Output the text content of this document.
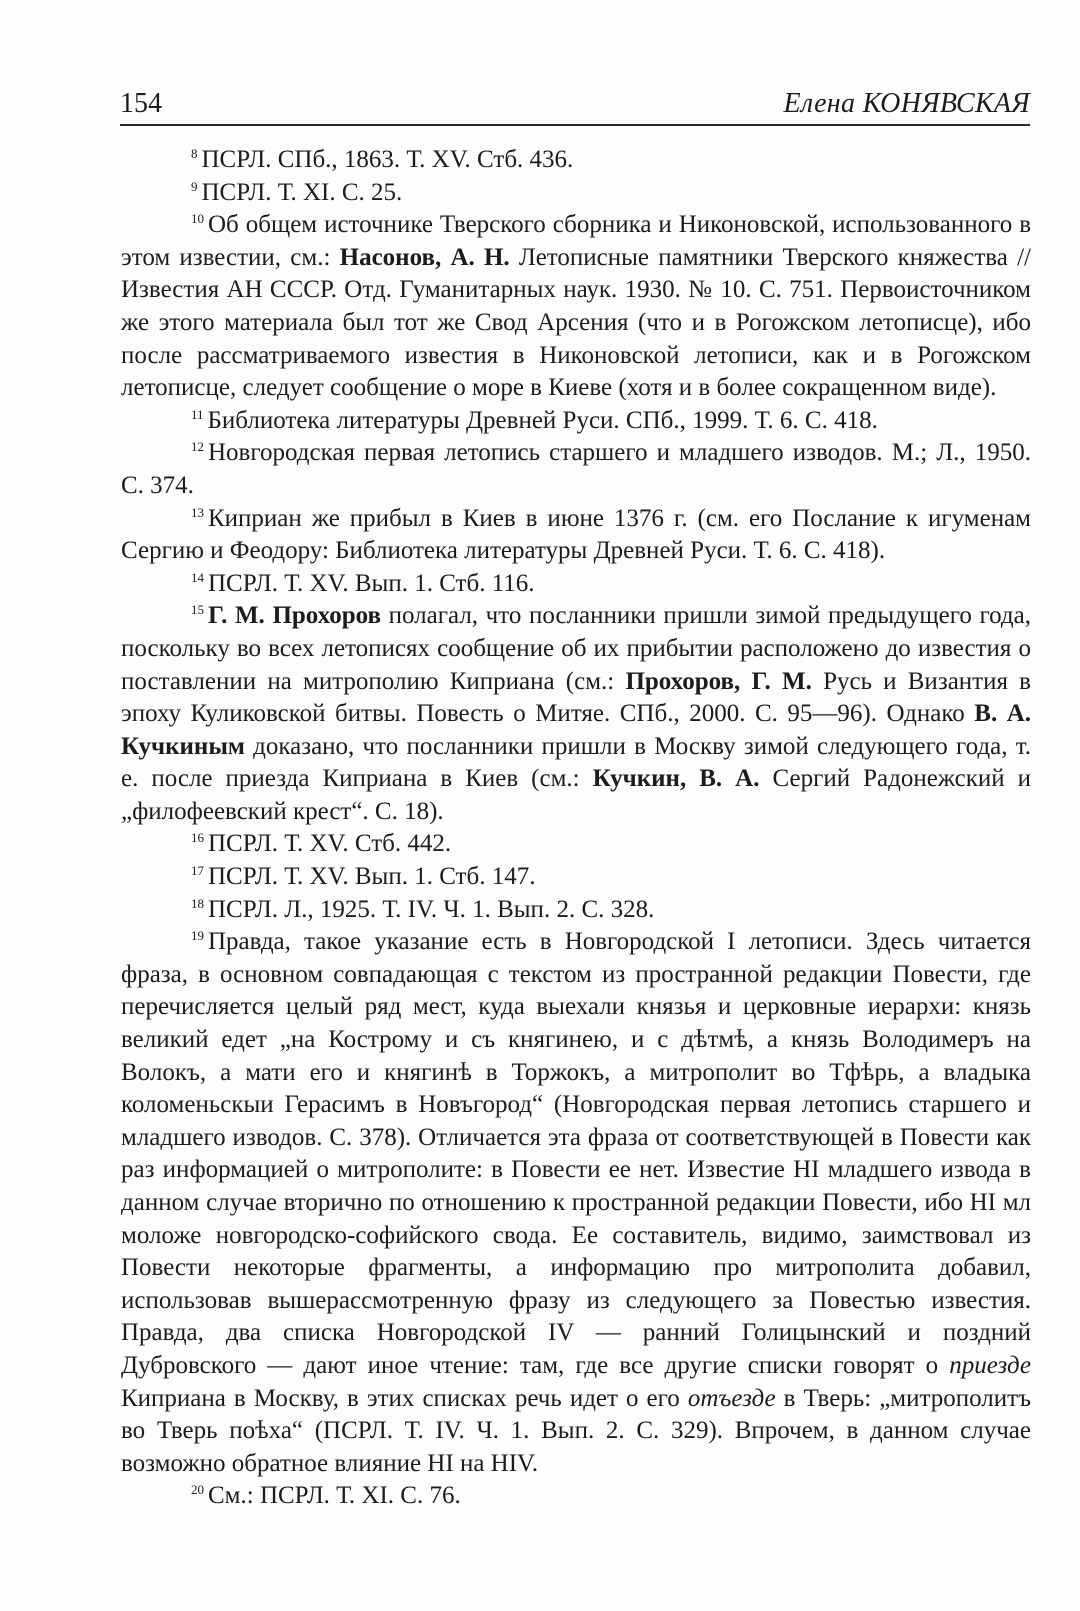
154	Елена КОНЯВСКАЯ

$^8$ ПСРЛ. СПб., 1863. Т. XV. Стб. 436.

$^9$ ПСРЛ. Т. XI. С. 25.

$^{10}$ Об общем источнике Тверского сборника и Никоновской, использованного в этом известии, см.: Насонов, А. Н. Летописные памятники Тверского княжества // Известия АН СССР. Отд. Гуманитарных наук. 1930. № 10. С. 751. Первоисточником же этого материала был тот же Свод Арсения (что и в Рогожском летописце), ибо после рассматриваемого известия в Никоновской летописи, как и в Рогожском летописце, следует сообщение о море в Киеве (хотя и в более сокращенном виде).

$^{11}$ Библиотека литературы Древней Руси. СПб., 1999. Т. 6. С. 418.

$^{12}$ Новгородская первая летопись старшего и младшего изводов. М.; Л., 1950. С. 374.

$^{13}$ Киприан же прибыл в Киев в июне 1376 г. (см. его Послание к игуменам Сергию и Феодору: Библиотека литературы Древней Руси. Т. 6. С. 418).

$^{14}$ ПСРЛ. Т. XV. Вып. 1. Стб. 116.

$^{15}$ Г. М. Прохоров полагал, что посланники пришли зимой предыдущего года, поскольку во всех летописях сообщение об их прибытии расположено до известия о поставлении на митрополию Киприана (см.: Прохоров, Г. М. Русь и Византия в эпоху Куликовской битвы. Повесть о Митяе. СПб., 2000. С. 95—96). Однако В. А. Кучкиным доказано, что посланники пришли в Москву зимой следующего года, т. е. после приезда Киприана в Киев (см.: Кучкин, В. А. Сергий Радонежский и „филофеевский крест“. С. 18).

$^{16}$ ПСРЛ. Т. XV. Стб. 442.

$^{17}$ ПСРЛ. Т. XV. Вып. 1. Стб. 147.

$^{18}$ ПСРЛ. Л., 1925. Т. IV. Ч. 1. Вып. 2. С. 328.

$^{19}$ Правда, такое указание есть в Новгородской I летописи. Здесь читается фраза, в основном совпадающая с текстом из пространной редакции Повести, где перечисляется целый ряд мест, куда выехали князья и церковные иерархи: князь великий едет „на Кострому и съ княгинею, и с дѣтмѣ, а князь Володимеръ на Волокъ, а мати его и княгинѣ в Торжокъ, а митрополит во Тфѣрь, а владыка коломеньскыи Герасимъ в Новъгород“ (Новгородская первая летопись старшего и младшего изводов. С. 378). Отличается эта фраза от соответствующей в Повести как раз информацией о митрополите: в Повести ее нет. Известие НI младшего извода в данном случае вторично по отношению к пространной редакции Повести, ибо НI мл моложе новгородско-софийского свода. Ее составитель, видимо, заимствовал из Повести некоторые фрагменты, а информацию про митрополита добавил, использовав вышерассмотренную фразу из следующего за Повестью известия. Правда, два списка Новгородской IV — ранний Голицынский и поздний Дубровского — дают иное чтение: там, где все другие списки говорят о приезде Киприана в Москву, в этих списках речь идет о его отъезде в Тверь: „митрополитъ во Тверь поѣха“ (ПСРЛ. Т. IV. Ч. 1. Вып. 2. С. 329). Впрочем, в данном случае возможно обратное влияние НI на НIV.

$^{20}$ См.: ПСРЛ. Т. XI. С. 76.
